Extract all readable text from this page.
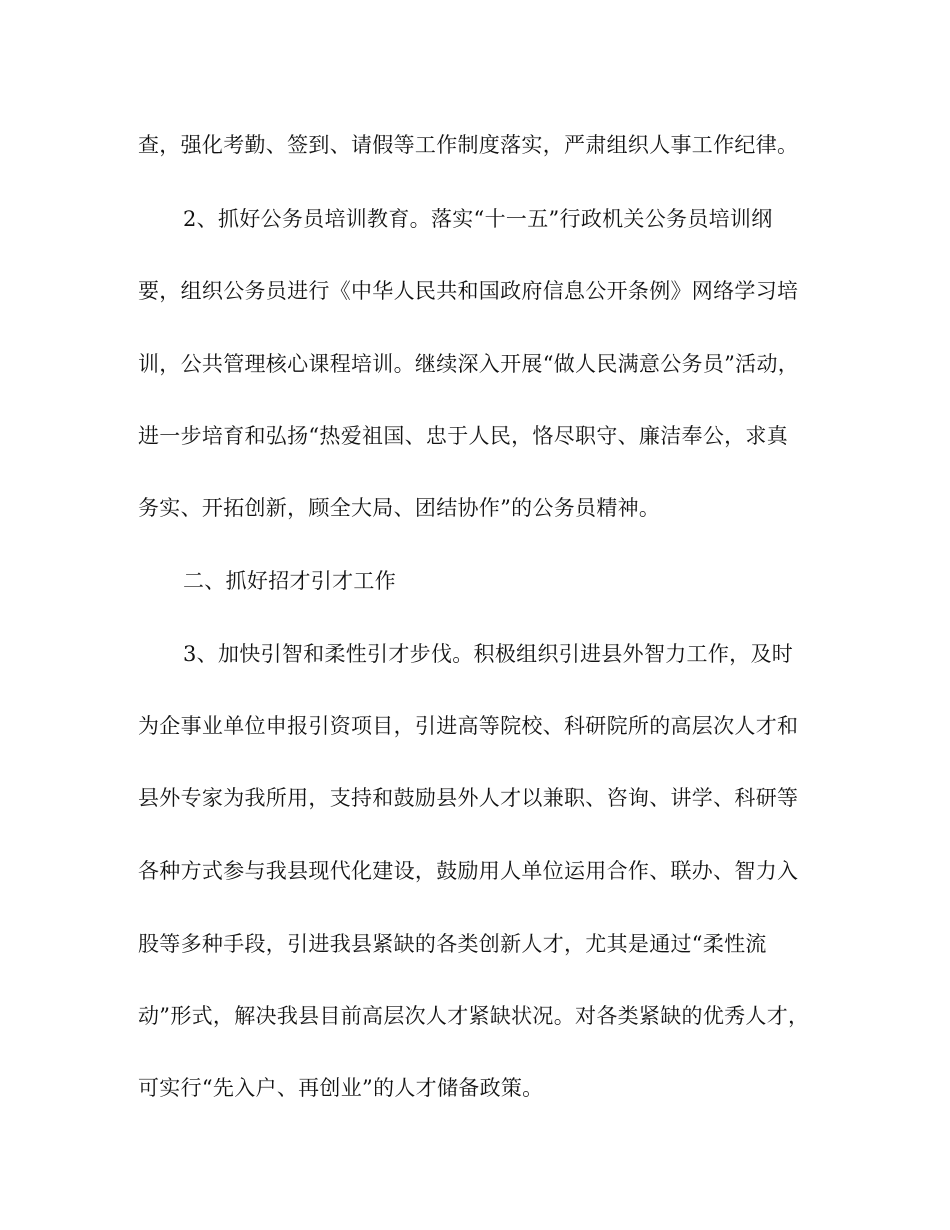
查，强化考勤、签到、请假等工作制度落实，严肃组织人事工作纪律。
2、抓好公务员培训教育。落实“十一五”行政机关公务员培训纲
要，组织公务员进行《中华人民共和国政府信息公开条例》网络学习培
训，公共管理核心课程培训。继续深入开展“做人民满意公务员”活动，
进一步培育和弘扬“热爱祖国、忠于人民，恪尽职守、廉洁奉公，求真
务实、开拓创新，顾全大局、团结协作”的公务员精神。
二、抓好招才引才工作
3、加快引智和柔性引才步伐。积极组织引进县外智力工作，及时
为企事业单位申报引资项目，引进高等院校、科研院所的高层次人才和
县外专家为我所用，支持和鼓励县外人才以兼职、咨询、讲学、科研等
各种方式参与我县现代化建设，鼓励用人单位运用合作、联办、智力入
股等多种手段，引进我县紧缺的各类创新人才，尤其是通过“柔性流
动”形式，解决我县目前高层次人才紧缺状况。对各类紧缺的优秀人才，
可实行“先入户、再创业”的人才储备政策。
